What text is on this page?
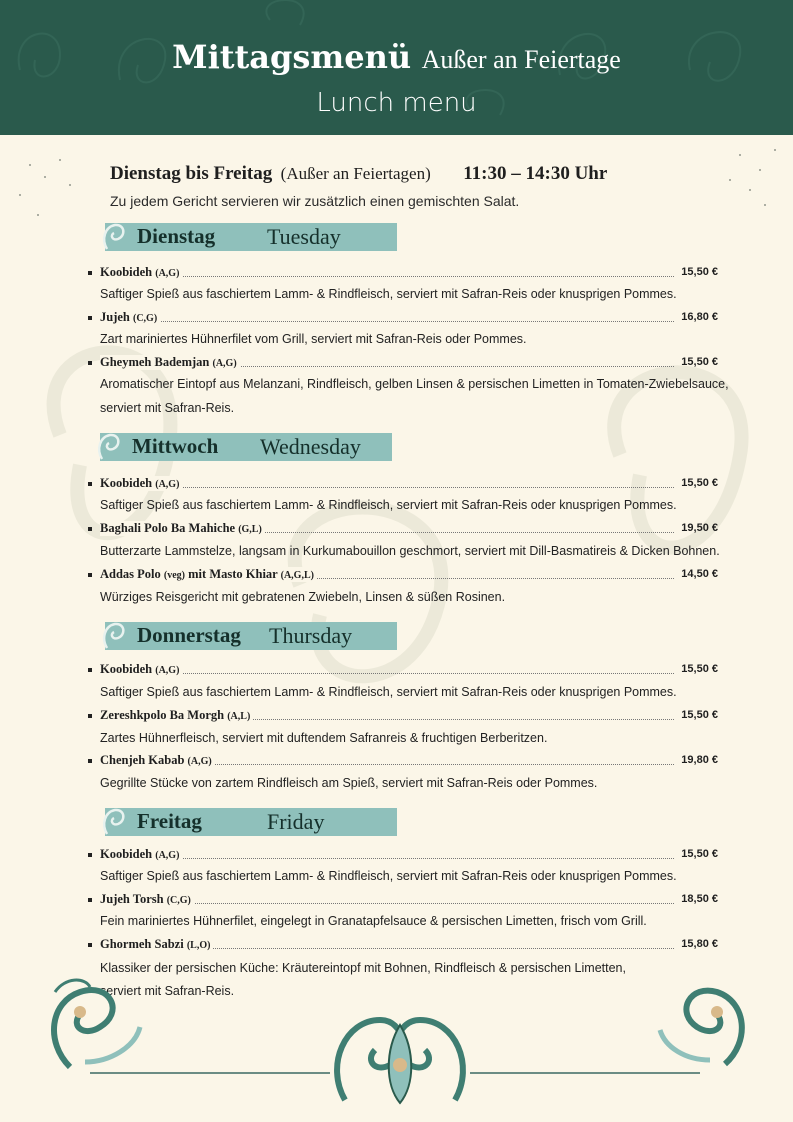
Mittagsmenü Außer an Feiertage
Lunch menu
Dienstag bis Freitag (Außer an Feiertagen) 11:30 – 14:30 Uhr
Zu jedem Gericht servieren wir zusätzlich einen gemischten Salat.
Dienstag Tuesday
Koobideh (A,G)	15,50 €
Saftiger Spieß aus faschiertem Lamm- & Rindfleisch, serviert mit Safran-Reis oder knusprigen Pommes.
Jujeh (C,G)	16,80 €
Zart mariniertes Hühnerfilet vom Grill, serviert mit Safran-Reis oder Pommes.
Gheymeh Bademjan (A,G)	15,50 €
Aromatischer Eintopf aus Melanzani, Rindfleisch, gelben Linsen & persischen Limetten in Tomaten-Zwiebelsauce,
serviert mit Safran-Reis.
Mittwoch Wednesday
Koobideh (A,G)	15,50 €
Saftiger Spieß aus faschiertem Lamm- & Rindfleisch, serviert mit Safran-Reis oder knusprigen Pommes.
Baghali Polo Ba Mahiche (G,L)	19,50 €
Butterzarte Lammstelze, langsam in Kurkumabouillon geschmort, serviert mit Dill-Basmatireis & Dicken Bohnen.
Addas Polo (veg) mit Masto Khiar (A,G,L)	14,50 €
Würziges Reisgericht mit gebratenen Zwiebeln, Linsen & süßen Rosinen.
Donnerstag Thursday
Koobideh (A,G)	15,50 €
Saftiger Spieß aus faschiertem Lamm- & Rindfleisch, serviert mit Safran-Reis oder knusprigen Pommes.
Zereshkpolo Ba Morgh (A,L)	15,50 €
Zartes Hühnerfleisch, serviert mit duftendem Safranreis & fruchtigen Berberitzen.
Chenjeh Kabab (A,G)	19,80 €
Gegrillte Stücke von zartem Rindfleisch am Spieß, serviert mit Safran-Reis oder Pommes.
Freitag	Friday
Koobideh (A,G)	15,50 €
Saftiger Spieß aus faschiertem Lamm- & Rindfleisch, serviert mit Safran-Reis oder knusprigen Pommes.
Jujeh Torsh (C,G)	18,50 €
Fein mariniertes Hühnerfilet, eingelegt in Granatapfelsauce & persischen Limetten, frisch vom Grill.
Ghormeh Sabzi (L,O)	15,80 €
Klassiker der persischen Küche: Kräutereintopf mit Bohnen, Rindfleisch & persischen Limetten,
serviert mit Safran-Reis.
